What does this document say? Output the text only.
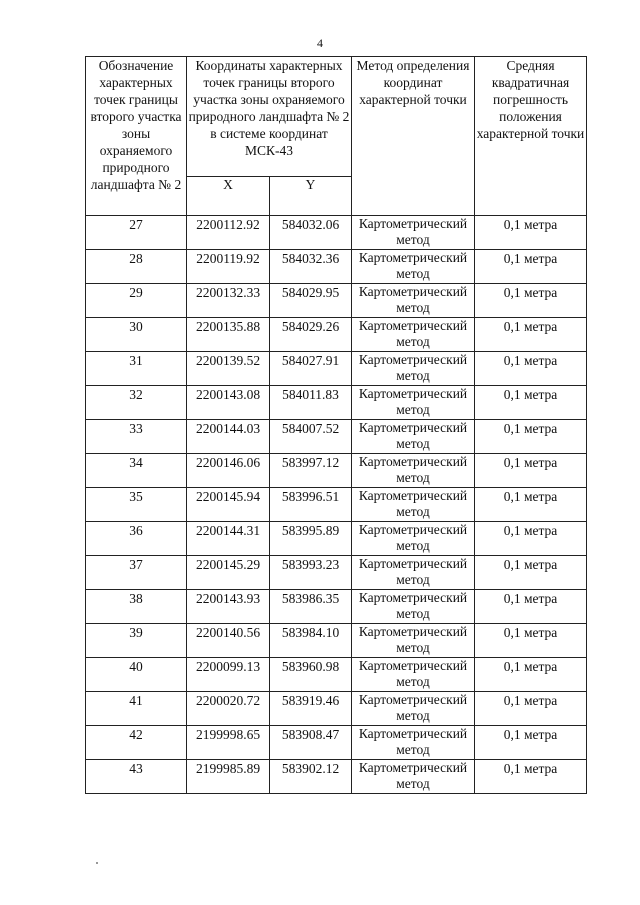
4
Обозначение характерных точек границы второго участка зоны охраняемого природного ландшафта № 2	Координаты характерных точек границы второго участка зоны охраняемого природного ландшафта № 2 в системе координат МСК-43		Метод определения координат характерной точки	Средняя квадратичная погрешность положения характерной точки
	X	Y		
27	2200112.92	584032.06	Картометрический метод	0,1 метра
28	2200119.92	584032.36	Картометрический метод	0,1 метра
29	2200132.33	584029.95	Картометрический метод	0,1 метра
30	2200135.88	584029.26	Картометрический метод	0,1 метра
31	2200139.52	584027.91	Картометрический метод	0,1 метра
32	2200143.08	584011.83	Картометрический метод	0,1 метра
33	2200144.03	584007.52	Картометрический метод	0,1 метра
34	2200146.06	583997.12	Картометрический метод	0,1 метра
35	2200145.94	583996.51	Картометрический метод	0,1 метра
36	2200144.31	583995.89	Картометрический метод	0,1 метра
37	2200145.29	583993.23	Картометрический метод	0,1 метра
38	2200143.93	583986.35	Картометрический метод	0,1 метра
39	2200140.56	583984.10	Картометрический метод	0,1 метра
40	2200099.13	583960.98	Картометрический метод	0,1 метра
41	2200020.72	583919.46	Картометрический метод	0,1 метра
42	2199998.65	583908.47	Картометрический метод	0,1 метра
43	2199985.89	583902.12	Картометрический метод	0,1 метра
